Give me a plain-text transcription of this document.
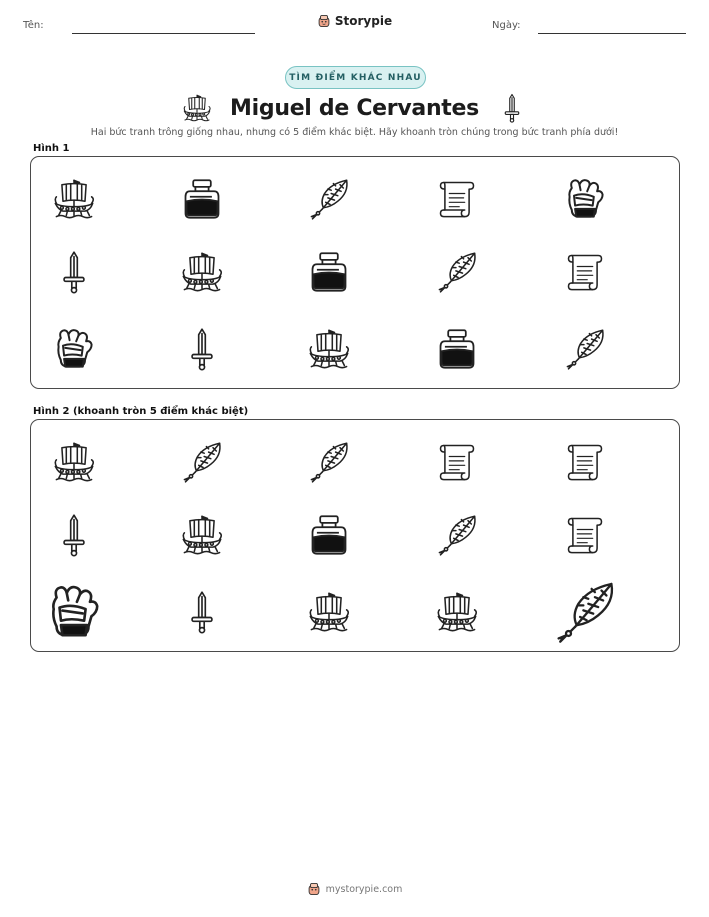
Tên:	Ngày:
Storypie
TÌM ĐIỂM KHÁC NHAU
Miguel de Cervantes
Hai bức tranh trông giống nhau, nhưng có 5 điểm khác biệt. Hãy khoanh tròn chúng trong bức tranh phía dưới!
Hình 1
Hình 2 (khoanh tròn 5 điểm khác biệt)
mystorypie.com
